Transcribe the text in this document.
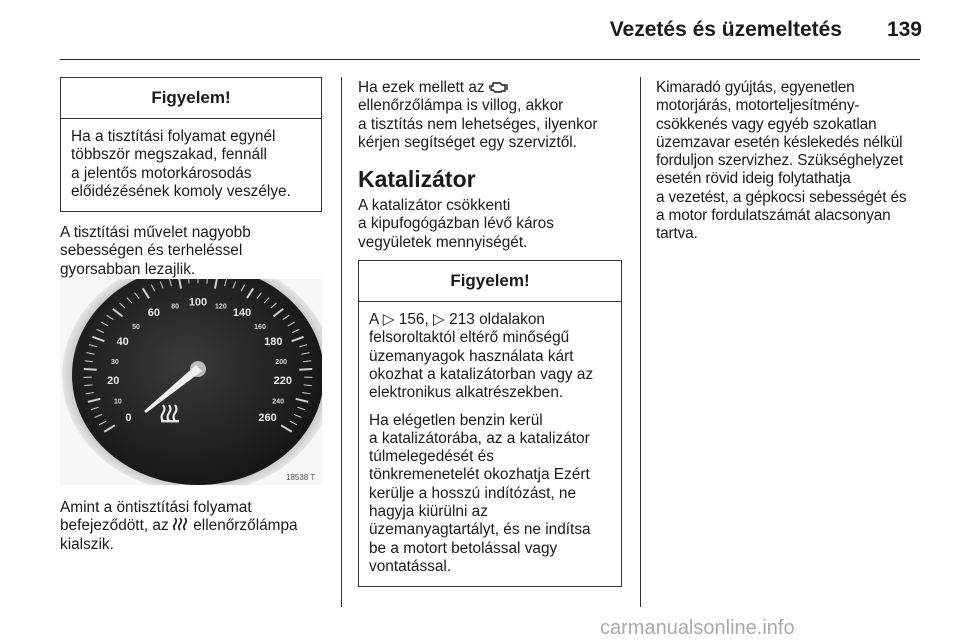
Vezetés és üzemeltetés	139
Figyelem!

Ha a tisztítási folyamat egynél
többször megszakad, fennáll
a jelentős motorkárosodás
előidézésének komoly veszélye.

A tisztítási művelet nagyobb
sebességen és terheléssel
gyorsabban lezajlik.

0
10
20
30
40
50
60
80 100 120
140
160
180
200
220
240
260
18538 T

Amint a öntisztítási folyamat
befejeződött, az ellenőrzőlámpa
kialszik.

Ha ezek mellett az
ellenőrzőlámpa is villog, akkor
a tisztítás nem lehetséges, ilyenkor
kérjen segítséget egy szerviztől.

Katalizátor

A katalizátor csökkenti
a kipufogógázban lévő káros
vegyületek mennyiségét.

Figyelem!

A ▷ 156, ▷ 213 oldalakon
felsoroltaktól eltérő minőségű
üzemanyagok használata kárt
okozhat a katalizátorban vagy az
elektronikus alkatrészekben.

Ha elégetlen benzin kerül
a katalizátorába, az a katalizátor
túlmelegedését és
tönkremenetelét okozhatja Ezért
kerülje a hosszú indítózást, ne
hagyja kiürülni az
üzemanyagtartályt, és ne indítsa
be a motort betolással vagy
vontatással.

Kimaradó gyújtás, egyenetlen
motorjárás, motorteljesítmény-
csökkenés vagy egyéb szokatlan
üzemzavar esetén késlekedés nélkül
forduljon szervizhez. Szükséghelyzet
esetén rövid ideig folytathatja
a vezetést, a gépkocsi sebességét és
a motor fordulatszámát alacsonyan
tartva.

carmanualsonline.info
